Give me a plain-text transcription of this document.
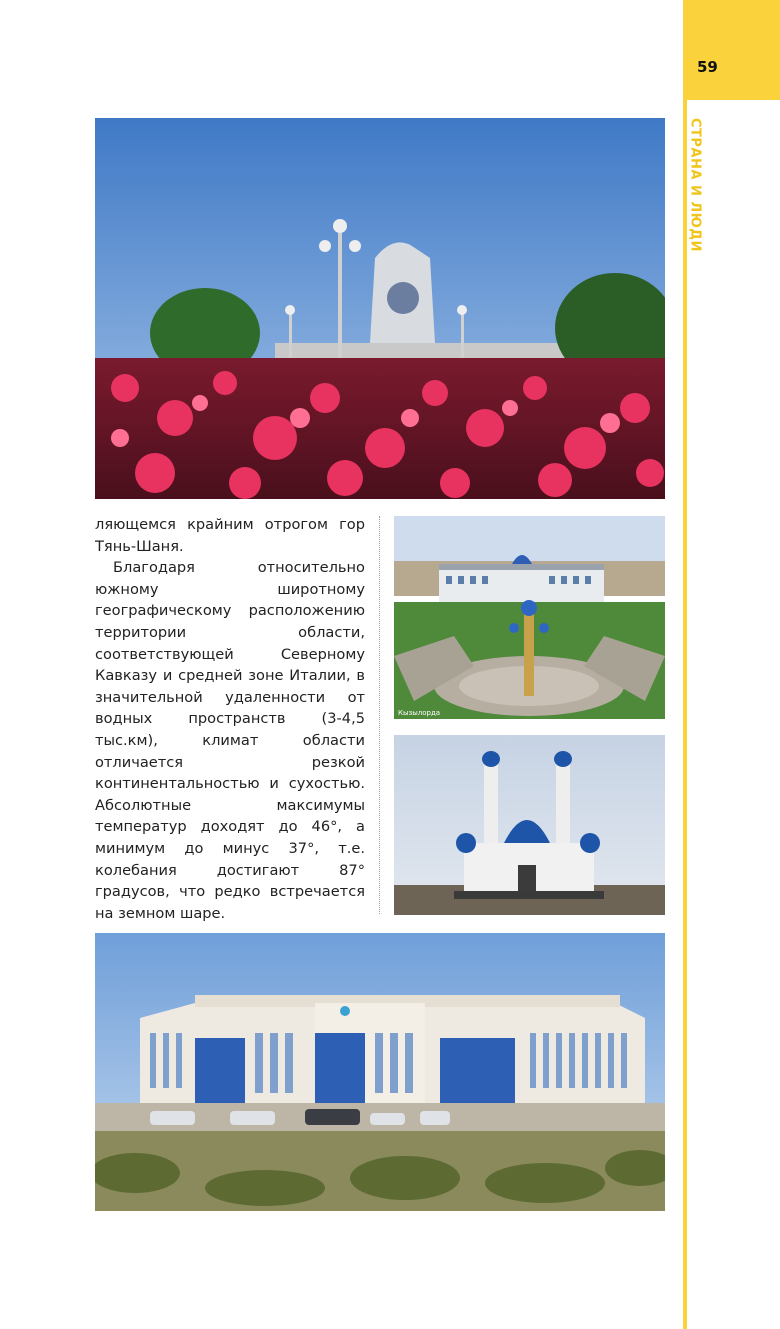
59
СТРАНА И ЛЮДИ

ляющемся крайним отрогом гор Тянь-Шаня.

Благодаря относительно южному широтному географическому расположению территории области, соответствующей Северному Кавказу и средней зоне Италии, в значительной удаленности от водных пространств (3-4,5 тыс.км), климат области отличается резкой континентальностью и сухостью. Абсолютные максимумы температур доходят до 46°, а минимум до минус 37°, т.е. колебания достигают 87° градусов, что редко встречается на земном шаре.

Кызылорда
